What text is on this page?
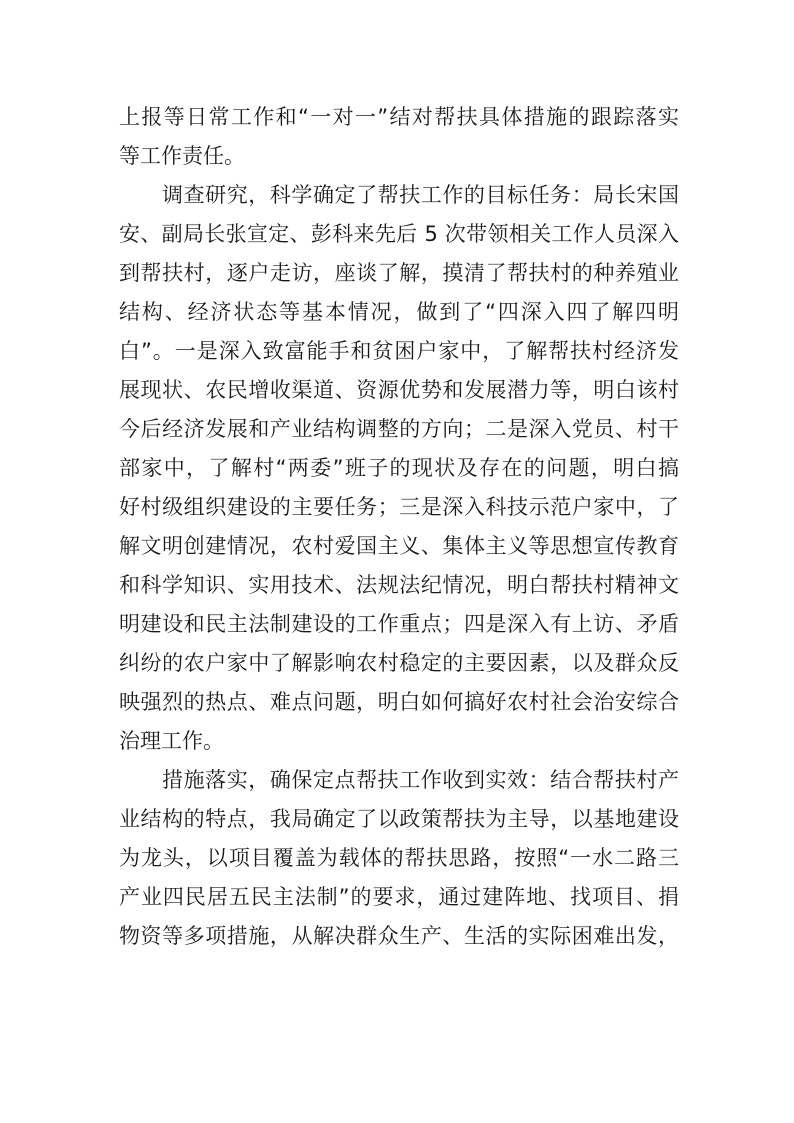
上报等日常工作和“一对一”结对帮扶具体措施的跟踪落实
等工作责任。
调查研究，科学确定了帮扶工作的目标任务：局长宋国
安、副局长张宣定、彭科来先后 5 次带领相关工作人员深入
到帮扶村，逐户走访，座谈了解，摸清了帮扶村的种养殖业
结构、经济状态等基本情况，做到了“四深入四了解四明
白”。一是深入致富能手和贫困户家中，了解帮扶村经济发
展现状、农民增收渠道、资源优势和发展潜力等，明白该村
今后经济发展和产业结构调整的方向；二是深入党员、村干
部家中，了解村“两委”班子的现状及存在的问题，明白搞
好村级组织建设的主要任务；三是深入科技示范户家中，了
解文明创建情况，农村爱国主义、集体主义等思想宣传教育
和科学知识、实用技术、法规法纪情况，明白帮扶村精神文
明建设和民主法制建设的工作重点；四是深入有上访、矛盾
纠纷的农户家中了解影响农村稳定的主要因素，以及群众反
映强烈的热点、难点问题，明白如何搞好农村社会治安综合
治理工作。
措施落实，确保定点帮扶工作收到实效：结合帮扶村产
业结构的特点，我局确定了以政策帮扶为主导，以基地建设
为龙头，以项目覆盖为载体的帮扶思路，按照“一水二路三
产业四民居五民主法制”的要求，通过建阵地、找项目、捐
物资等多项措施，从解决群众生产、生活的实际困难出发，
